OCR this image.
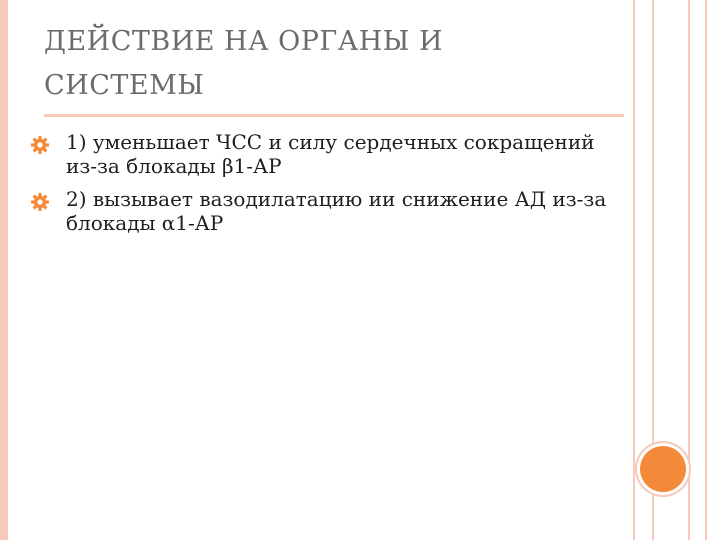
ДЕЙСТВИЕ НА ОРГАНЫ И
СИСТЕМЫ
1) уменьшает ЧСС и силу сердечных сокращений из-за блокады β1-АР
2) вызывает вазодилатацию ии снижение АД из-за блокады α1-АР
